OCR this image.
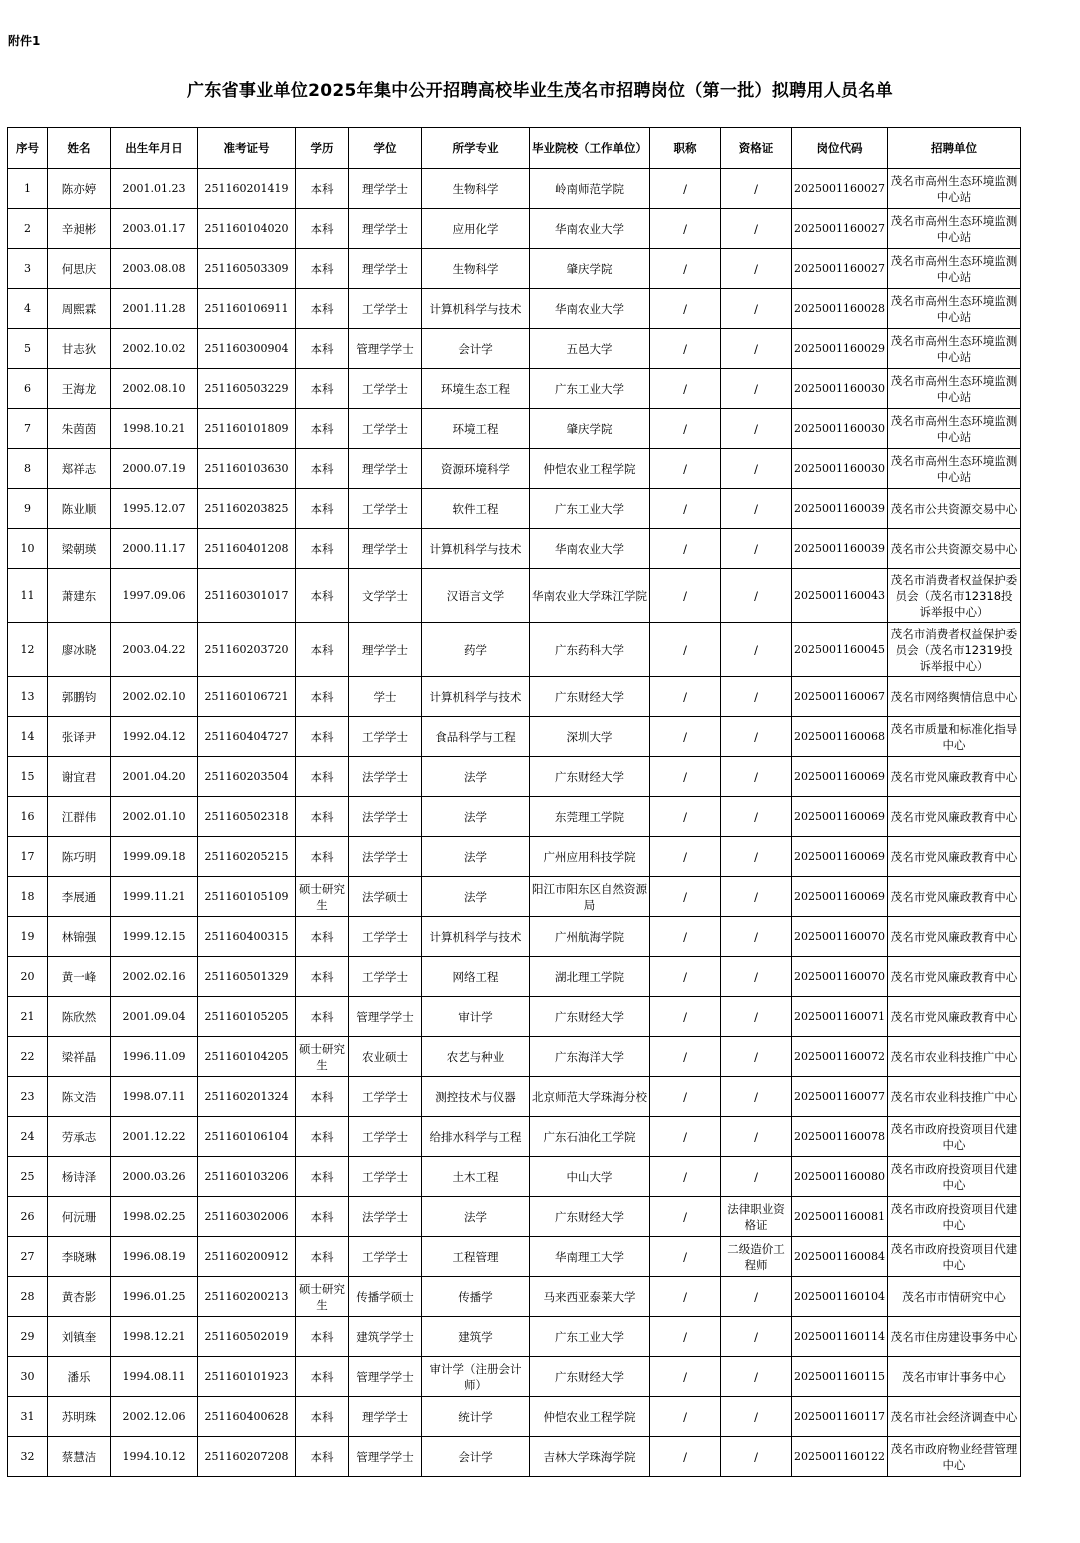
附件1
广东省事业单位2025年集中公开招聘高校毕业生茂名市招聘岗位（第一批）拟聘用人员名单
序号	姓名	出生年月日	准考证号	学历	学位	所学专业	毕业院校（工作单位）	职称	资格证	岗位代码	招聘单位
1	陈亦婷	2001.01.23	251160201419	本科	理学学士	生物科学	岭南师范学院	/	/	2025001160027	茂名市高州生态环境监测中心站
2	辛昶彬	2003.01.17	251160104020	本科	理学学士	应用化学	华南农业大学	/	/	2025001160027	茂名市高州生态环境监测中心站
3	何思庆	2003.08.08	251160503309	本科	理学学士	生物科学	肇庆学院	/	/	2025001160027	茂名市高州生态环境监测中心站
4	周熙霖	2001.11.28	251160106911	本科	工学学士	计算机科学与技术	华南农业大学	/	/	2025001160028	茂名市高州生态环境监测中心站
5	甘志狄	2002.10.02	251160300904	本科	管理学学士	会计学	五邑大学	/	/	2025001160029	茂名市高州生态环境监测中心站
6	王海龙	2002.08.10	251160503229	本科	工学学士	环境生态工程	广东工业大学	/	/	2025001160030	茂名市高州生态环境监测中心站
7	朱茵茵	1998.10.21	251160101809	本科	工学学士	环境工程	肇庆学院	/	/	2025001160030	茂名市高州生态环境监测中心站
8	郑祥志	2000.07.19	251160103630	本科	理学学士	资源环境科学	仲恺农业工程学院	/	/	2025001160030	茂名市高州生态环境监测中心站
9	陈业顺	1995.12.07	251160203825	本科	工学学士	软件工程	广东工业大学	/	/	2025001160039	茂名市公共资源交易中心
10	梁朝瑛	2000.11.17	251160401208	本科	理学学士	计算机科学与技术	华南农业大学	/	/	2025001160039	茂名市公共资源交易中心
11	萧建东	1997.09.06	251160301017	本科	文学学士	汉语言文学	华南农业大学珠江学院	/	/	2025001160043	茂名市消费者权益保护委员会（茂名市12318投诉举报中心）
12	廖冰晓	2003.04.22	251160203720	本科	理学学士	药学	广东药科大学	/	/	2025001160045	茂名市消费者权益保护委员会（茂名市12319投诉举报中心）
13	郭鹏钧	2002.02.10	251160106721	本科	学士	计算机科学与技术	广东财经大学	/	/	2025001160067	茂名市网络舆情信息中心
14	张译尹	1992.04.12	251160404727	本科	工学学士	食品科学与工程	深圳大学	/	/	2025001160068	茂名市质量和标准化指导中心
15	谢宜君	2001.04.20	251160203504	本科	法学学士	法学	广东财经大学	/	/	2025001160069	茂名市党风廉政教育中心
16	江群伟	2002.01.10	251160502318	本科	法学学士	法学	东莞理工学院	/	/	2025001160069	茂名市党风廉政教育中心
17	陈巧明	1999.09.18	251160205215	本科	法学学士	法学	广州应用科技学院	/	/	2025001160069	茂名市党风廉政教育中心
18	李展通	1999.11.21	251160105109	硕士研究生	法学硕士	法学	阳江市阳东区自然资源局	/	/	2025001160069	茂名市党风廉政教育中心
19	林锦强	1999.12.15	251160400315	本科	工学学士	计算机科学与技术	广州航海学院	/	/	2025001160070	茂名市党风廉政教育中心
20	黄一峰	2002.02.16	251160501329	本科	工学学士	网络工程	湖北理工学院	/	/	2025001160070	茂名市党风廉政教育中心
21	陈欣然	2001.09.04	251160105205	本科	管理学学士	审计学	广东财经大学	/	/	2025001160071	茂名市党风廉政教育中心
22	梁祥晶	1996.11.09	251160104205	硕士研究生	农业硕士	农艺与种业	广东海洋大学	/	/	2025001160072	茂名市农业科技推广中心
23	陈文浩	1998.07.11	251160201324	本科	工学学士	测控技术与仪器	北京师范大学珠海分校	/	/	2025001160077	茂名市农业科技推广中心
24	劳承志	2001.12.22	251160106104	本科	工学学士	给排水科学与工程	广东石油化工学院	/	/	2025001160078	茂名市政府投资项目代建中心
25	杨诗泽	2000.03.26	251160103206	本科	工学学士	土木工程	中山大学	/	/	2025001160080	茂名市政府投资项目代建中心
26	何沅珊	1998.02.25	251160302006	本科	法学学士	法学	广东财经大学	/	法律职业资格证	2025001160081	茂名市政府投资项目代建中心
27	李晓琳	1996.08.19	251160200912	本科	工学学士	工程管理	华南理工大学	/	二级造价工程师	2025001160084	茂名市政府投资项目代建中心
28	黄杏影	1996.01.25	251160200213	硕士研究生	传播学硕士	传播学	马来西亚泰莱大学	/	/	2025001160104	茂名市市情研究中心
29	刘镇奎	1998.12.21	251160502019	本科	建筑学学士	建筑学	广东工业大学	/	/	2025001160114	茂名市住房建设事务中心
30	潘乐	1994.08.11	251160101923	本科	管理学学士	审计学（注册会计师）	广东财经大学	/	/	2025001160115	茂名市审计事务中心
31	苏明珠	2002.12.06	251160400628	本科	理学学士	统计学	仲恺农业工程学院	/	/	2025001160117	茂名市社会经济调查中心
32	蔡慧洁	1994.10.12	251160207208	本科	管理学学士	会计学	吉林大学珠海学院	/	/	2025001160122	茂名市政府物业经营管理中心
